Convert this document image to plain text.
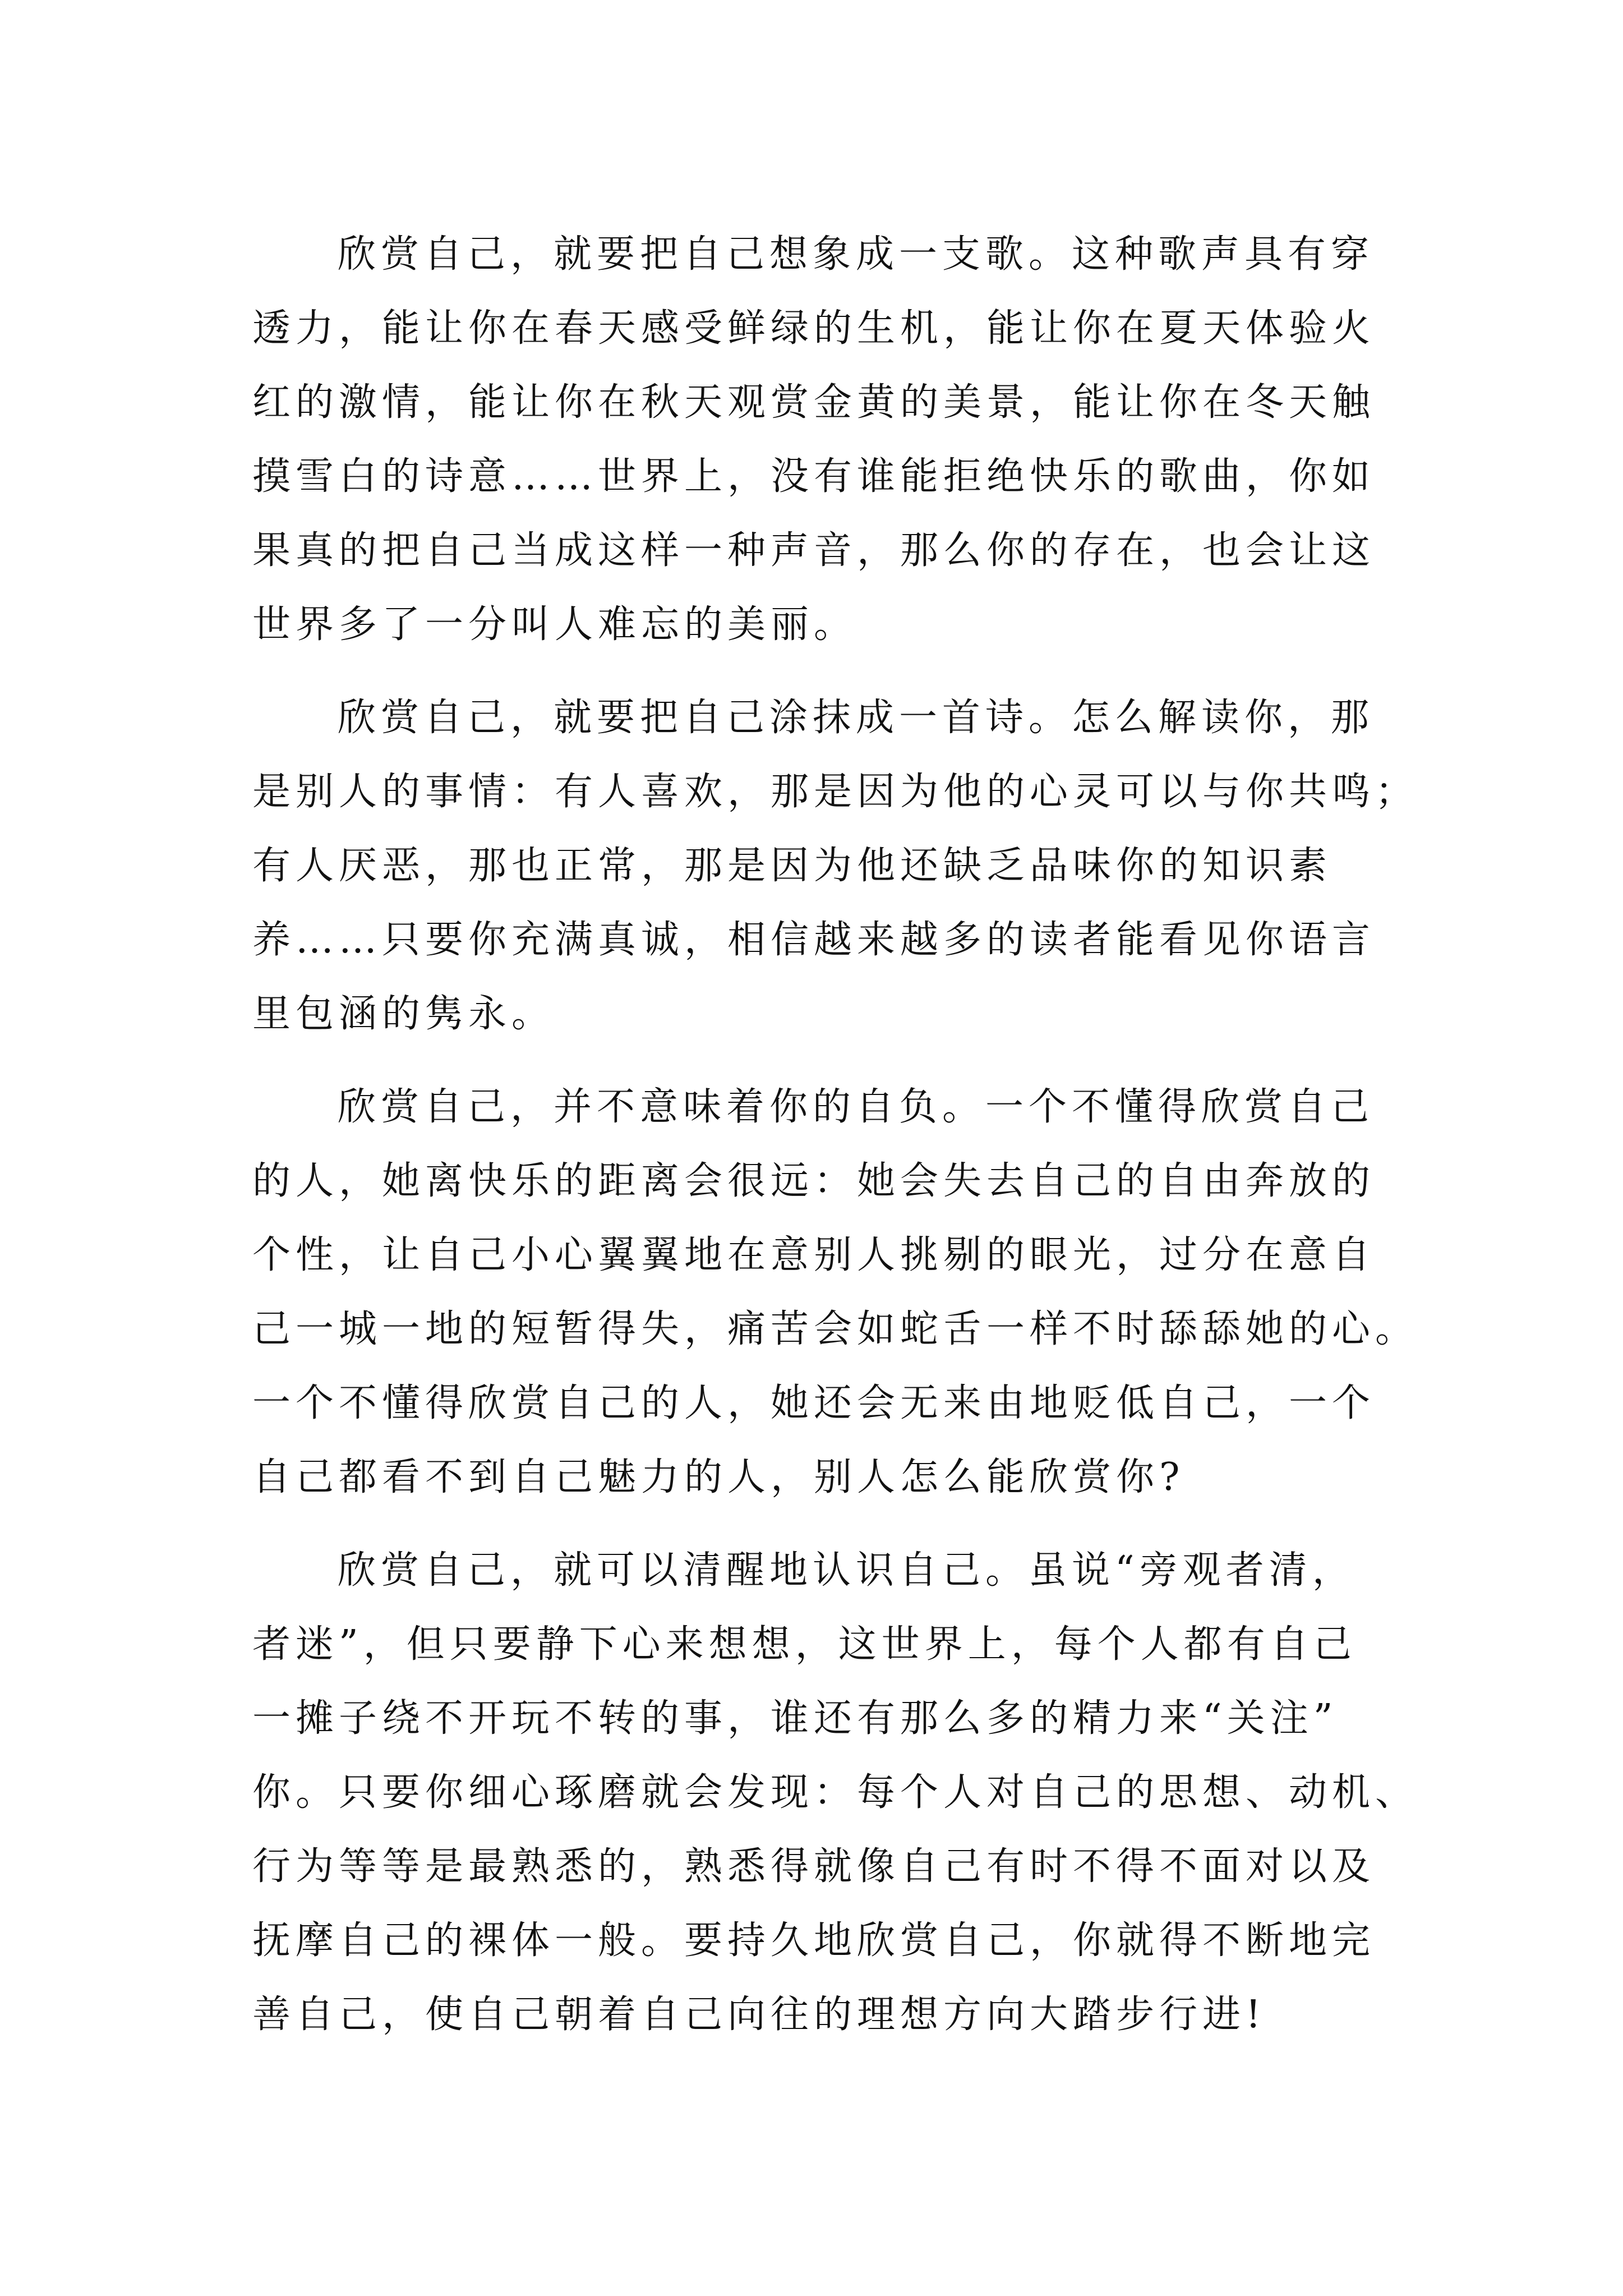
欣赏自己，就要把自己想象成一支歌。这种歌声具有穿
透力，能让你在春天感受鲜绿的生机，能让你在夏天体验火
红的激情，能让你在秋天观赏金黄的美景，能让你在冬天触
摸雪白的诗意……世界上，没有谁能拒绝快乐的歌曲，你如
果真的把自己当成这样一种声音，那么你的存在，也会让这
世界多了一分叫人难忘的美丽。

欣赏自己，就要把自己涂抹成一首诗。怎么解读你，那
是别人的事情：有人喜欢，那是因为他的心灵可以与你共鸣；
有人厌恶，那也正常，那是因为他还缺乏品味你的知识素
养……只要你充满真诚，相信越来越多的读者能看见你语言
里包涵的隽永。

欣赏自己，并不意味着你的自负。一个不懂得欣赏自己
的人，她离快乐的距离会很远：她会失去自己的自由奔放的
个性，让自己小心翼翼地在意别人挑剔的眼光，过分在意自
己一城一地的短暂得失，痛苦会如蛇舌一样不时舔舔她的心。
一个不懂得欣赏自己的人，她还会无来由地贬低自己，一个
自己都看不到自己魅力的人，别人怎么能欣赏你?

欣赏自己，就可以清醒地认识自己。虽说“旁观者清，
者迷”，但只要静下心来想想，这世界上，每个人都有自己
一摊子绕不开玩不转的事，谁还有那么多的精力来“关注”
你。只要你细心琢磨就会发现：每个人对自己的思想、动机、
行为等等是最熟悉的，熟悉得就像自己有时不得不面对以及
抚摩自己的裸体一般。要持久地欣赏自己，你就得不断地完
善自己，使自己朝着自己向往的理想方向大踏步行进!
